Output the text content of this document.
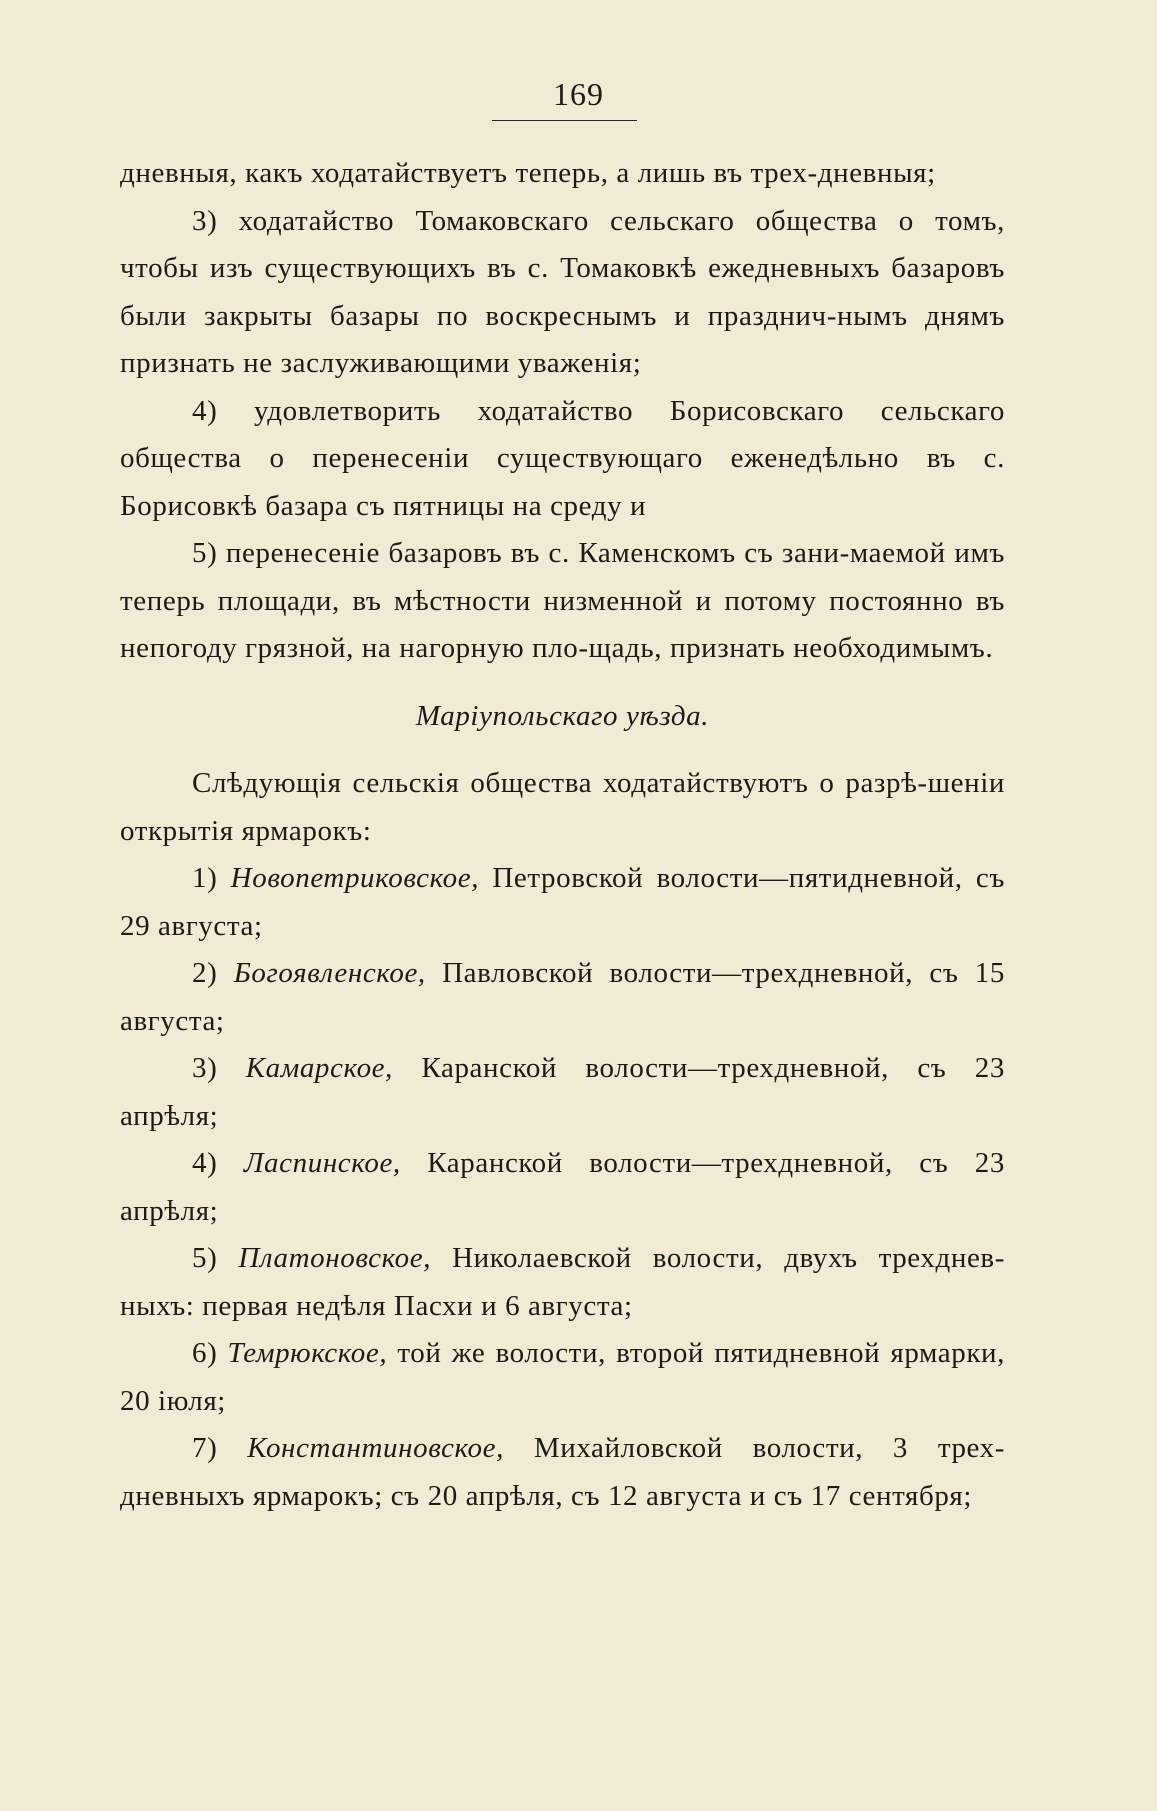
169

дневныя, какъ ходатайствуетъ теперь, а лишь въ трех-дневныя;

3) ходатайство Томаковскаго сельскаго общества о томъ, чтобы изъ существующихъ въ с. Томаковкѣ ежедневныхъ базаровъ были закрыты базары по воскреснымъ и празднич-нымъ днямъ признать не заслуживающими уваженія;

4) удовлетворить ходатайство Борисовскаго сельскаго общества о перенесеніи существующаго еженедѣльно въ с. Борисовкѣ базара съ пятницы на среду и

5) перенесеніе базаровъ въ с. Каменскомъ съ зани-маемой имъ теперь площади, въ мѣстности низменной и потому постоянно въ непогоду грязной, на нагорную пло-щадь, признать необходимымъ.

Маріупольскаго уѣзда.

Слѣдующія сельскія общества ходатайствуютъ о разрѣ-шеніи открытія ярмарокъ:

1) Новопетриковское, Петровской волости—пятидневной, съ 29 августа;

2) Богоявленское, Павловской волости—трехдневной, съ 15 августа;

3) Камарское, Каранской волости—трехдневной, съ 23 апрѣля;

4) Ласпинское, Каранской волости—трехдневной, съ 23 апрѣля;

5) Платоновское, Николаевской волости, двухъ трехднев-ныхъ: первая недѣля Пасхи и 6 августа;

6) Темрюкское, той же волости, второй пятидневной ярмарки, 20 іюля;

7) Константиновское, Михайловской волости, 3 трех-дневныхъ ярмарокъ; съ 20 апрѣля, съ 12 августа и съ 17 сентября;
